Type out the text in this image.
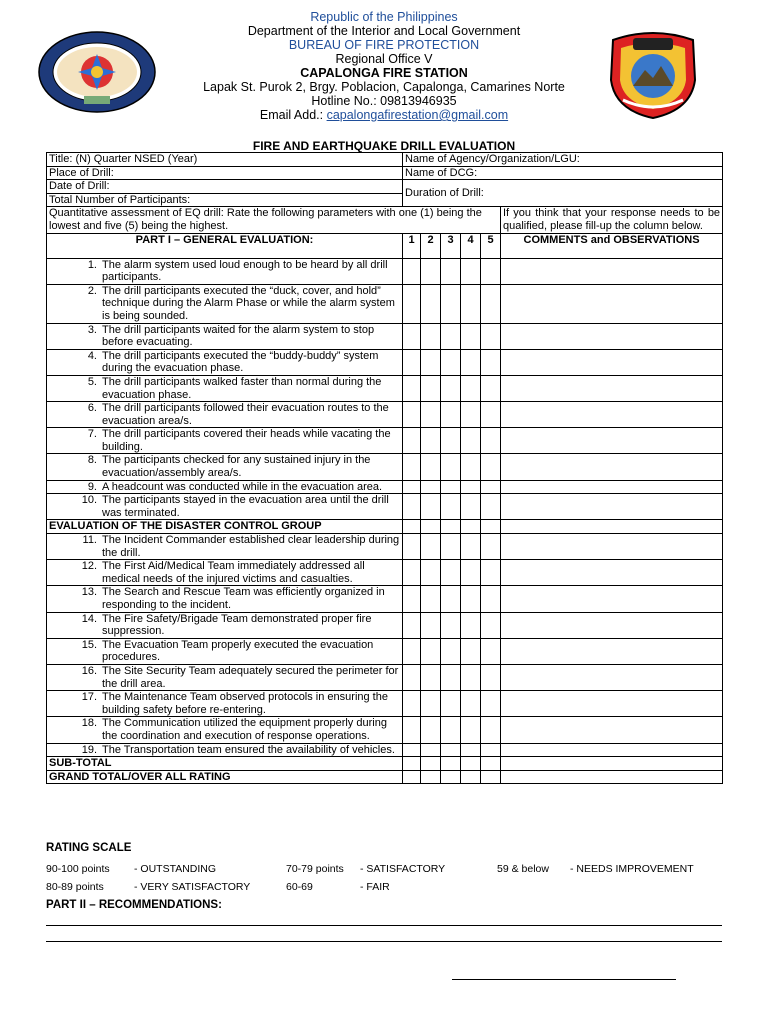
Republic of the Philippines
Department of the Interior and Local Government
BUREAU OF FIRE PROTECTION
Regional Office V
CAPALONGA FIRE STATION
Lapak St. Purok 2, Brgy. Poblacion, Capalonga, Camarines Norte
Hotline No.: 09813946935
Email Add.: capalongafirestation@gmail.com
FIRE AND EARTHQUAKE DRILL EVALUATION
Title: (N) Quarter NSED (Year)	Name of Agency/Organization/LGU:					
Place of Drill:	Name of DCG:					
Date of Drill:	Duration of Drill:					
Total Number of Participants:						
Quantitative assessment of EQ drill: Rate the following parameters with one (1) being the lowest and five (5) being the highest.						If you think that your response needs to be qualified, please fill-up the column below.
PART I – GENERAL EVALUATION:	1	2	3	4	5	COMMENTS and OBSERVATIONS

1. The alarm system used loud enough to be heard by all drill participants.						

2. The drill participants executed the “duck, cover, and hold” technique during the Alarm Phase or while the alarm system is being sounded.						

3. The drill participants waited for the alarm system to stop before evacuating.						

4. The drill participants executed the “buddy-buddy” system during the evacuation phase.						

5. The drill participants walked faster than normal during the evacuation phase.						

6. The drill participants followed their evacuation routes to the evacuation area/s.						

7. The drill participants covered their heads while vacating the building.						

8. The participants checked for any sustained injury in the evacuation/assembly area/s.						

9. A headcount was conducted while in the evacuation area.						

10. The participants stayed in the evacuation area until the drill was terminated.						

EVALUATION OF THE DISASTER CONTROL GROUP						

11. The Incident Commander established clear leadership during the drill.						

12. The First Aid/Medical Team immediately addressed all medical needs of the injured victims and casualties.						

13. The Search and Rescue Team was efficiently organized in responding to the incident.						

14. The Fire Safety/Brigade Team demonstrated proper fire suppression.						

15. The Evacuation Team properly executed the evacuation procedures.						

16. The Site Security Team adequately secured the perimeter for the drill area.						

17. The Maintenance Team observed protocols in ensuring the building safety before re-entering.						

18. The Communication utilized the equipment properly during the coordination and execution of response operations.						

19. The Transportation team ensured the availability of vehicles.						

SUB-TOTAL						
GRAND TOTAL/OVER ALL RATING						
RATING SCALE
90-100 points - OUTSTANDING	70-79 points - SATISFACTORY	59 & below - NEEDS IMPROVEMENT
80-89 points	- VERY SATISFACTORY	60-69	- FAIR
PART II – RECOMMENDATIONS:
